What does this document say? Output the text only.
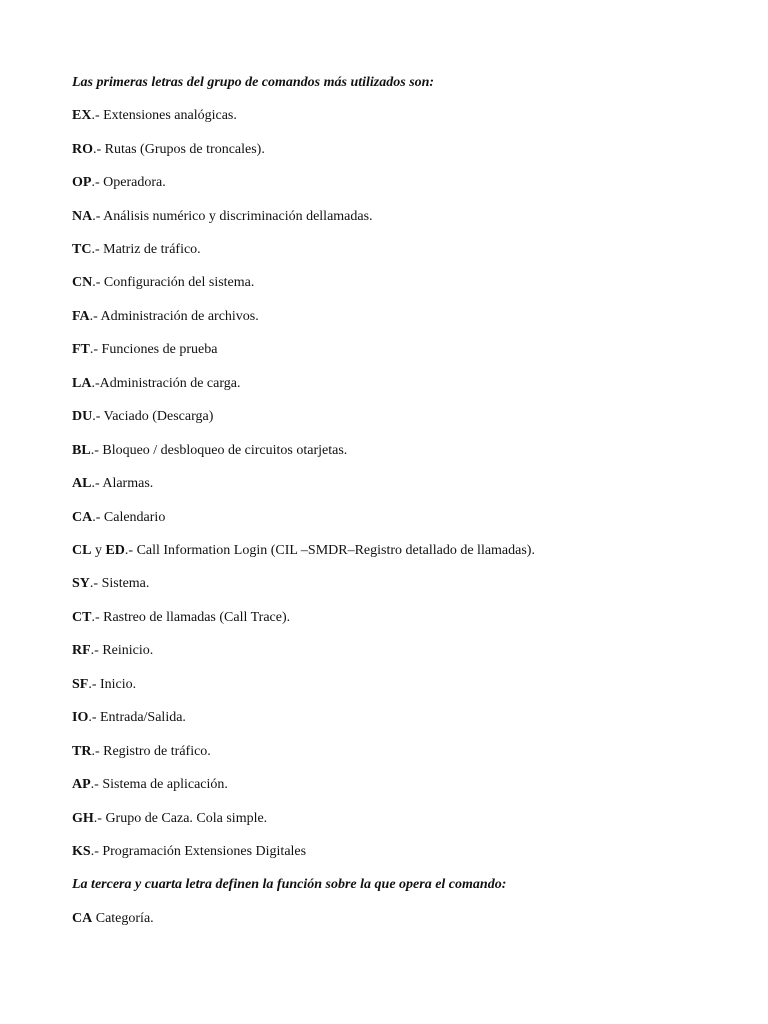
Las primeras letras del grupo de comandos más utilizados son:
EX.- Extensiones analógicas.
RO.- Rutas (Grupos de troncales).
OP.- Operadora.
NA.- Análisis numérico y discriminación dellamadas.
TC.- Matriz de tráfico.
CN.- Configuración del sistema.
FA.- Administración de archivos.
FT.- Funciones de prueba
LA.-Administración de carga.
DU.- Vaciado (Descarga)
BL.- Bloqueo / desbloqueo de circuitos otarjetas.
AL.- Alarmas.
CA.- Calendario
CL y ED.- Call Information Login (CIL –SMDR–Registro detallado de llamadas).
SY.- Sistema.
CT.- Rastreo de llamadas (Call Trace).
RF.- Reinicio.
SF.- Inicio.
IO.- Entrada/Salida.
TR.- Registro de tráfico.
AP.- Sistema de aplicación.
GH.- Grupo de Caza. Cola simple.
KS.- Programación Extensiones Digitales
La tercera y cuarta letra definen la función sobre la que opera el comando:
CA Categoría.
